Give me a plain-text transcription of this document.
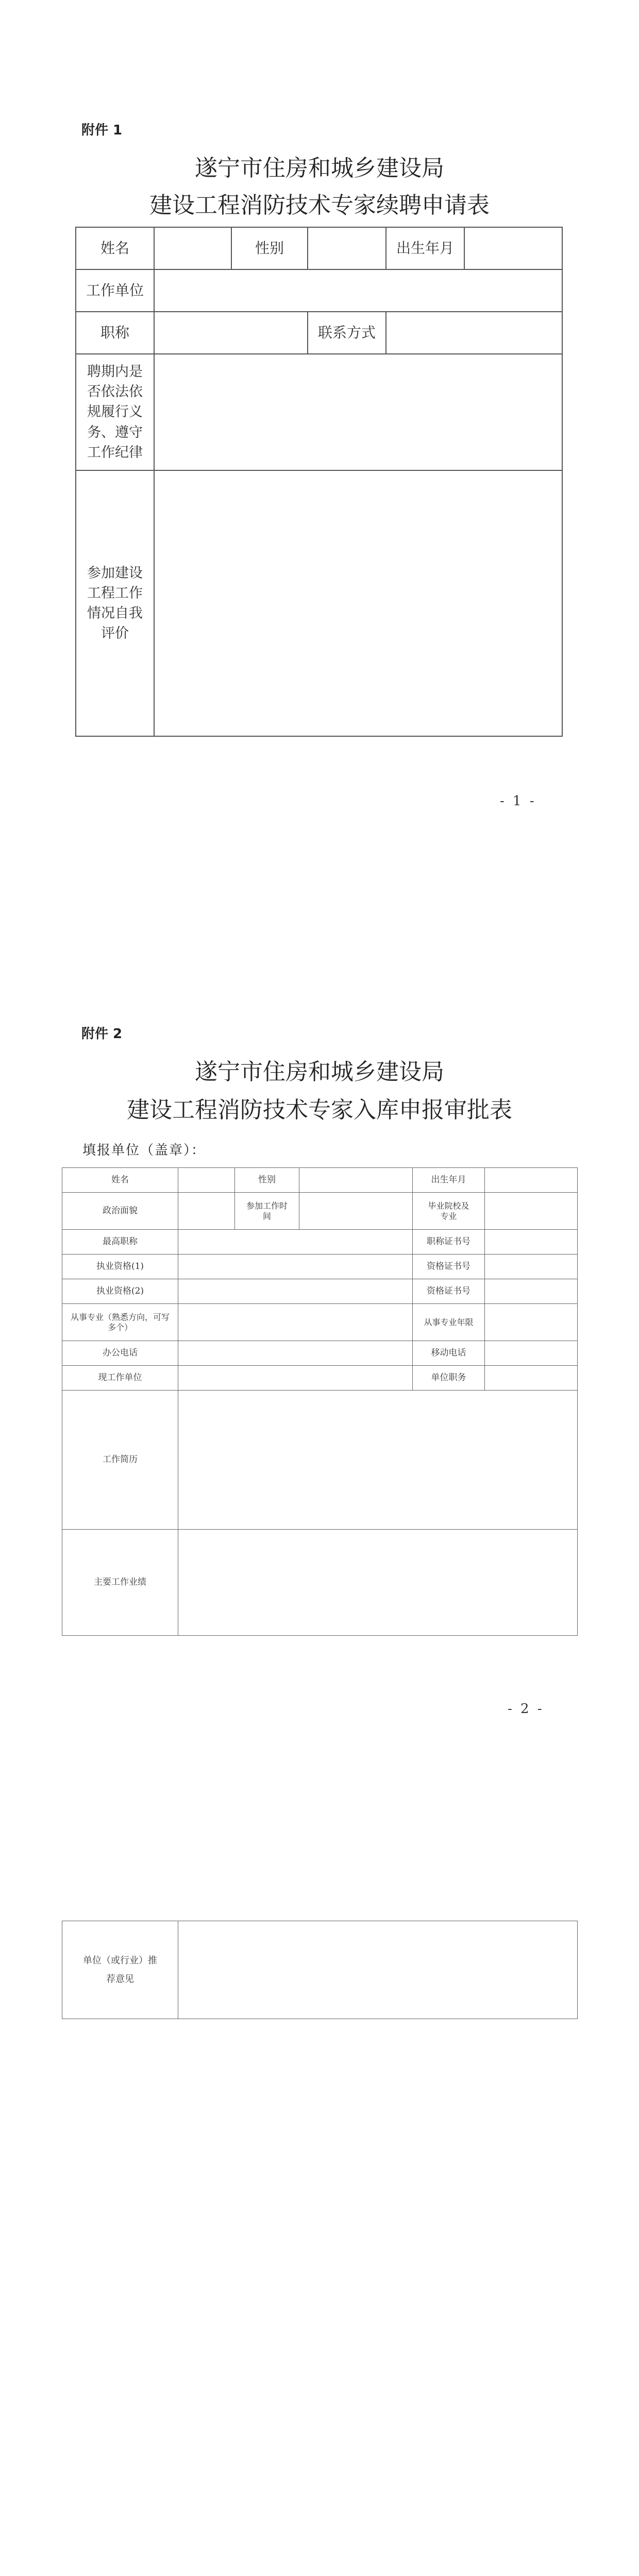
附件 1
遂宁市住房和城乡建设局
建设工程消防技术专家续聘申请表
姓名		性别		出生年月	
工作单位					
职称			联系方式		
聘期内是否依法依规履行义务、遵守工作纪律					
参加建设工程工作情况自我评价					
- 1 -
附件 2
遂宁市住房和城乡建设局
建设工程消防技术专家入库申报审批表
填报单位（盖章）：
姓名		性别		出生年月	
政治面貌		参加工作时间		毕业院校及专业	
最高职称				职称证书号	
执业资格(1)				资格证书号	
执业资格(2)				资格证书号	
从事专业（熟悉方向，可写多个）				从事专业年限	
办公电话				移动电话	
现工作单位				单位职务	
工作简历					
主要工作业绩					
- 2 -
单位（或行业）推荐意见	
